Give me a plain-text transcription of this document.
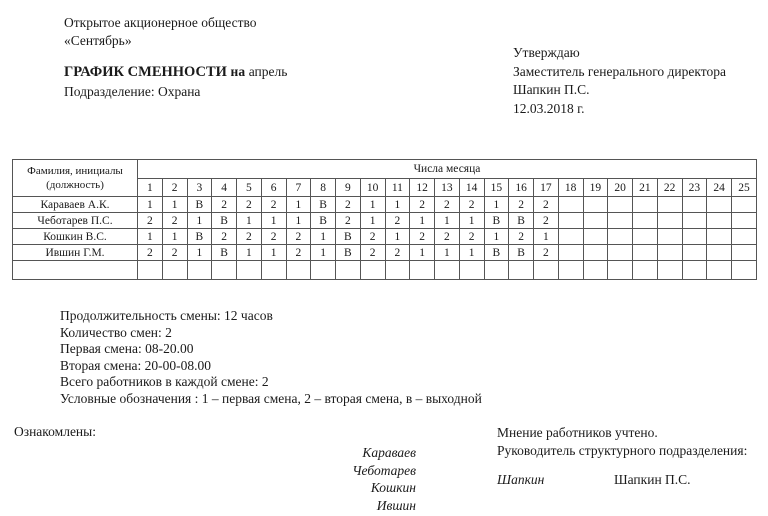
Открытое акционерное общество
«Сентябрь»
ГРАФИК СМЕННОСТИ на апрель
Подразделение: Охрана
Утверждаю
Заместитель генерального директора
Шапкин П.С.
12.03.2018 г.
Фамилия, инициалы
(должность)	Числа месяца																								
	1	2	3	4	5	6	7	8	9	10	11	12	13	14	15	16	17	18	19	20	21	22	23	24	25
Караваев А.К.	1	1	В	2	2	2	1	В	2	1	1	2	2	2	1	2	2								
Чеботарев П.С.	2	2	1	В	1	1	1	В	2	1	2	1	1	1	В	В	2								
Кошкин В.С.	1	1	В	2	2	2	2	1	В	2	1	2	2	2	1	2	1								
Ившин Г.М.	2	2	1	В	1	1	2	1	В	2	2	1	1	1	В	В	2								

Продолжительность смены: 12 часов
Количество смен: 2
Первая смена: 08-20.00
Вторая смена: 20-00-08.00
Всего работников в каждой смене: 2
Условные обозначения : 1 – первая смена, 2 – вторая смена, в – выходной
Ознакомлены:
Караваев
Чеботарев
Кошкин
Ившин
Мнение работников учтено.
Руководитель структурного подразделения:
Шапкин	Шапкин П.С.
